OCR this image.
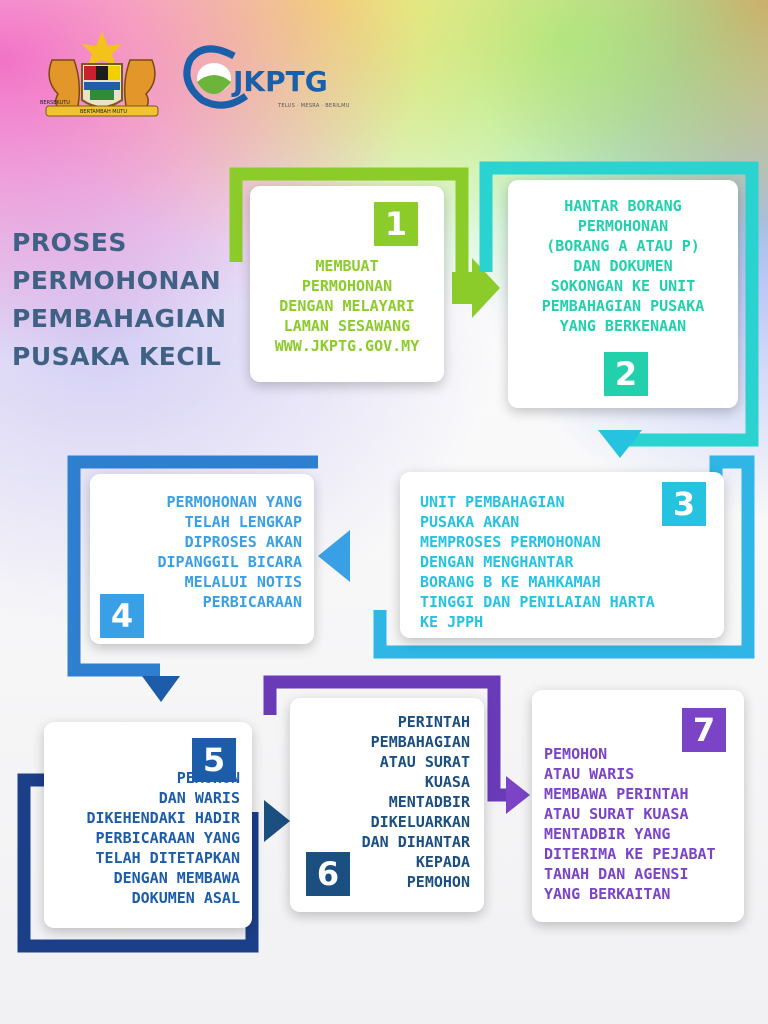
BERSEKUTU
BERTAMBAH MUTU
JKPTG
TELUS · MESRA · BERILMU
PROSES
PERMOHONAN
PEMBAHAGIAN
PUSAKA KECIL
1
MEMBUAT
PERMOHONAN
DENGAN MELAYARI
LAMAN SESAWANG
WWW.JKPTG.GOV.MY
HANTAR BORANG
PERMOHONAN
(BORANG A ATAU P)
DAN DOKUMEN
SOKONGAN KE UNIT
PEMBAHAGIAN PUSAKA
YANG BERKENAAN
2
3
UNIT PEMBAHAGIAN
PUSAKA AKAN
MEMPROSES PERMOHONAN
DENGAN MENGHANTAR
BORANG B KE MAHKAMAH
TINGGI DAN PENILAIAN HARTA
KE JPPH
PERMOHONAN YANG
TELAH LENGKAP
DIPROSES AKAN
DIPANGGIL BICARA
MELALUI NOTIS
PERBICARAAN
4
5
PEMOHON
DAN WARIS
DIKEHENDAKI HADIR
PERBICARAAN YANG
TELAH DITETAPKAN
DENGAN MEMBAWA
DOKUMEN ASAL
PERINTAH
PEMBAHAGIAN
ATAU SURAT
KUASA
MENTADBIR
DIKELUARKAN
DAN DIHANTAR
KEPADA
PEMOHON
6
7
PEMOHON
ATAU WARIS
MEMBAWA PERINTAH
ATAU SURAT KUASA
MENTADBIR YANG
DITERIMA KE PEJABAT
TANAH DAN AGENSI
YANG BERKAITAN
